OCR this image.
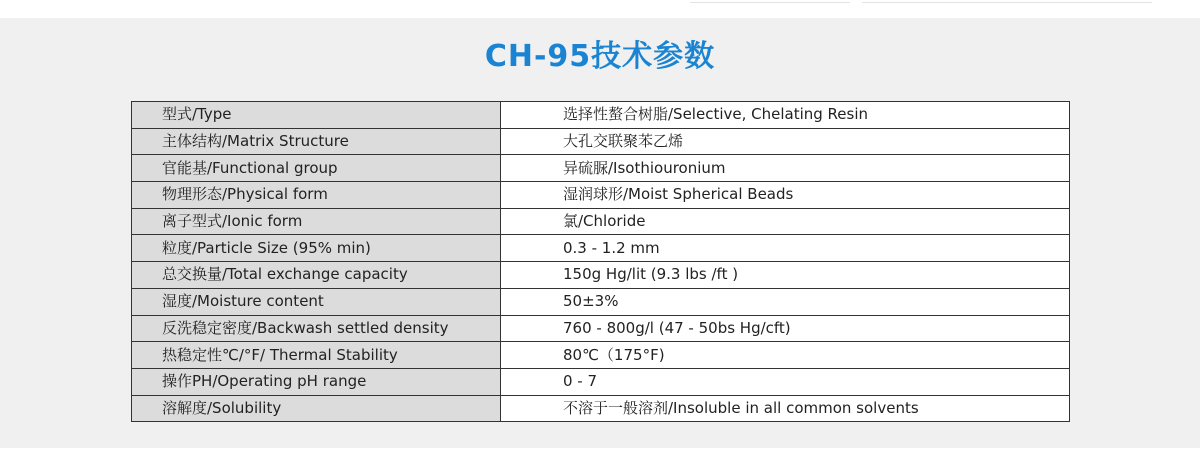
CH-95技术参数
型式/Type	选择性螯合树脂/Selective, Chelating Resin
主体结构/Matrix Structure	大孔交联聚苯乙烯
官能基/Functional group	异硫脲/Isothiouronium
物理形态/Physical form	湿润球形/Moist Spherical Beads
离子型式/Ionic form	氯/Chloride
粒度/Particle Size (95% min)	0.3 - 1.2 mm
总交换量/Total exchange capacity	150g Hg/lit (9.3 lbs /ft )
湿度/Moisture content	50±3%
反洗稳定密度/Backwash settled density	760 - 800g/l (47 - 50bs Hg/cft)
热稳定性℃/°F/ Thermal Stability	80℃（175°F)
操作PH/Operating pH range	0 - 7
溶解度/Solubility	不溶于一般溶剂/Insoluble in all common solvents
